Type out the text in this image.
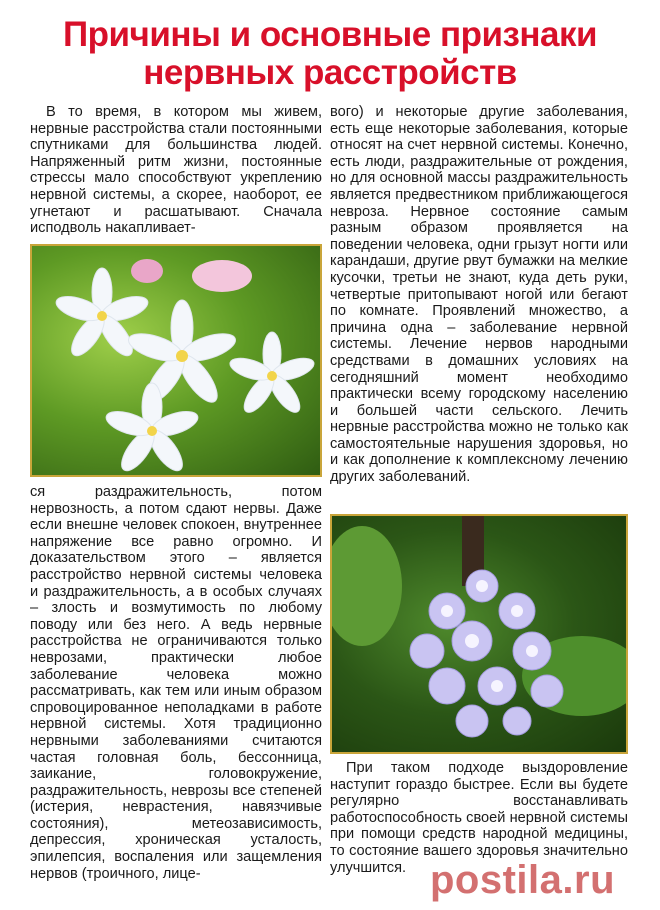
Причины и основные признаки
нервных расстройств

В то время, в котором мы живем, нервные расстройства стали постоянными спутниками для большинства людей. Напряженный ритм жизни, постоянные стрессы мало способствуют укреплению нервной системы, а скорее, наоборот, ее угнетают и расшатывают. Сначала исподволь накапливает-

ся раздражительность, потом нервозность, а потом сдают нервы. Даже если внешне человек спокоен, внутреннее напряжение все равно огромно. И доказательством этого – является расстройство нервной системы человека и раздражительность, а в особых случаях – злость и возмутимость по любому поводу или без него. А ведь нервные расстройства не ограничиваются только неврозами, практически любое заболевание человека можно рассматривать, как тем или иным образом спровоцированное неполадками в работе нервной системы. Хотя традиционно нервными заболеваниями считаются частая головная боль, бессонница, заикание, головокружение, раздражительность, неврозы все степеней (истерия, неврастения, навязчивые состояния), метеозависимость, депрессия, хроническая усталость, эпилепсия, воспаления или защемления нервов (троичного, лице-

вого) и некоторые другие заболевания, есть еще некоторые заболевания, которые относят на счет нервной системы. Конечно, есть люди, раздражительные от рождения, но для основной массы раздражительность является предвестником приближающегося невроза. Нервное состояние самым разным образом проявляется на поведении человека, одни грызут ногти или карандаши, другие рвут бумажки на мелкие кусочки, третьи не знают, куда деть руки, четвертые притопывают ногой или бегают по комнате. Проявлений множество, а причина одна – заболевание нервной системы. Лечение нервов народными средствами в домашних условиях на сегодняшний момент необходимо практически всему городскому населению и большей части сельского. Лечить нервные расстройства можно не только как самостоятельные нарушения здоровья, но и как дополнение к комплексному лечению других заболеваний.

При таком подходе выздоровление наступит гораздо быстрее. Если вы будете регулярно восстанавливать работоспособность своей нервной системы при помощи средств народной медицины, то состояние вашего здоровья значительно улучшится. postila.ru
